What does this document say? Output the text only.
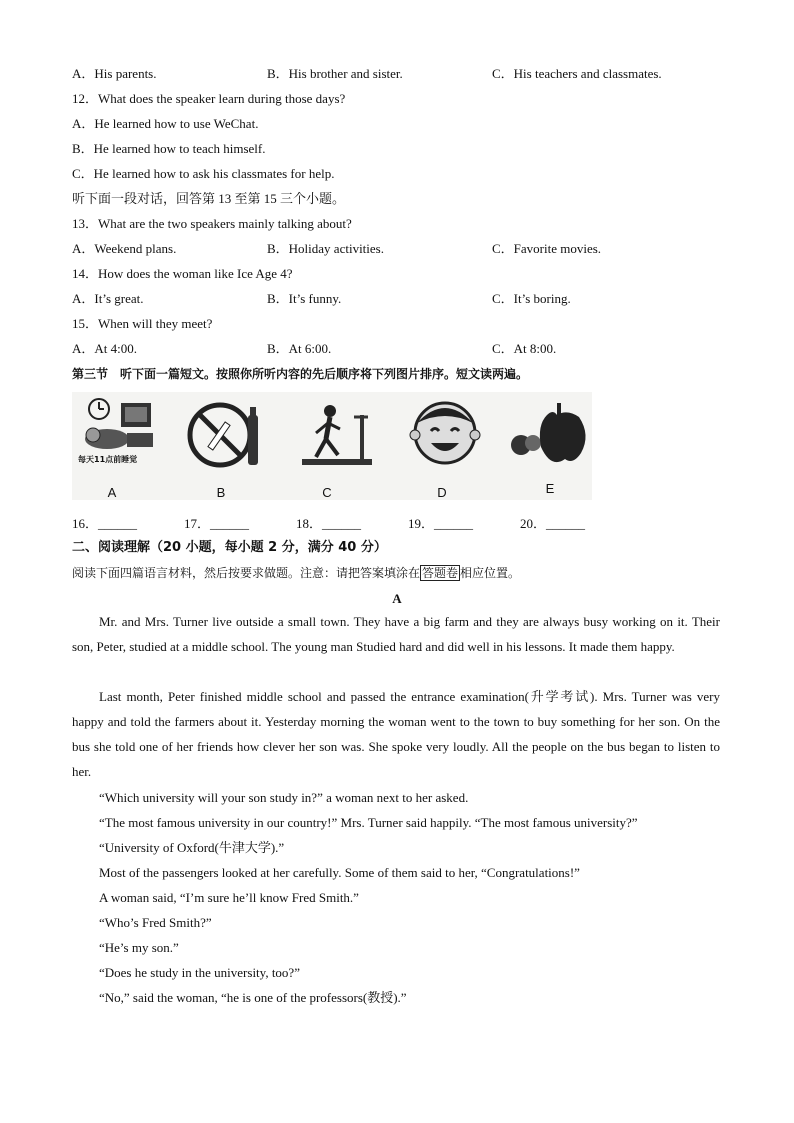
A．His parents.	B．His brother and sister.	C．His teachers and classmates.
12．What does the speaker learn during those days?
A．He learned how to use WeChat.
B．He learned how to teach himself.
C．He learned how to ask his classmates for help.
听下面一段对话，回答第 13 至第 15 三个小题。
13．What are the two speakers mainly talking about?
A．Weekend plans.	B．Holiday activities.	C．Favorite movies.
14．How does the woman like Ice Age 4?
A．It’s great.	B．It’s funny.	C．It’s boring.
15．When will they meet?
A．At 4:00.	B．At 6:00.	C．At 8:00.
第三节　听下面一篇短文。按照你所听内容的先后顺序将下列图片排序。短文读两遍。
每天11点前睡觉
A	B	C	D	E
16．______	17．______	18．______	19．______	20．______
二、阅读理解（20 小题，每小题 2 分，满分 40 分）
阅读下面四篇语言材料，然后按要求做题。注意：请把答案填涂在 答题卷 相应位置。
A
Mr. and Mrs. Turner live outside a small town. They have a big farm and they are always busy working on it. Their son, Peter, studied at a middle school. The young man Studied hard and did well in his lessons. It made them happy.
Last month, Peter finished middle school and passed the entrance examination(升学考试). Mrs. Turner was very happy and told the farmers about it. Yesterday morning the woman went to the town to buy something for her son. On the bus she told one of her friends how clever her son was. She spoke very loudly. All the people on the bus began to listen to her.
“Which university will your son study in?” a woman next to her asked.
“The most famous university in our country!” Mrs. Turner said happily. “The most famous university?”
“University of Oxford(牛津大学).”
Most of the passengers looked at her carefully. Some of them said to her, “Congratulations!”
A woman said, “I’m sure he’ll know Fred Smith.”
“Who’s Fred Smith?”
“He’s my son.”
“Does he study in the university, too?”
“No,” said the woman, “he is one of the professors(教授).”
